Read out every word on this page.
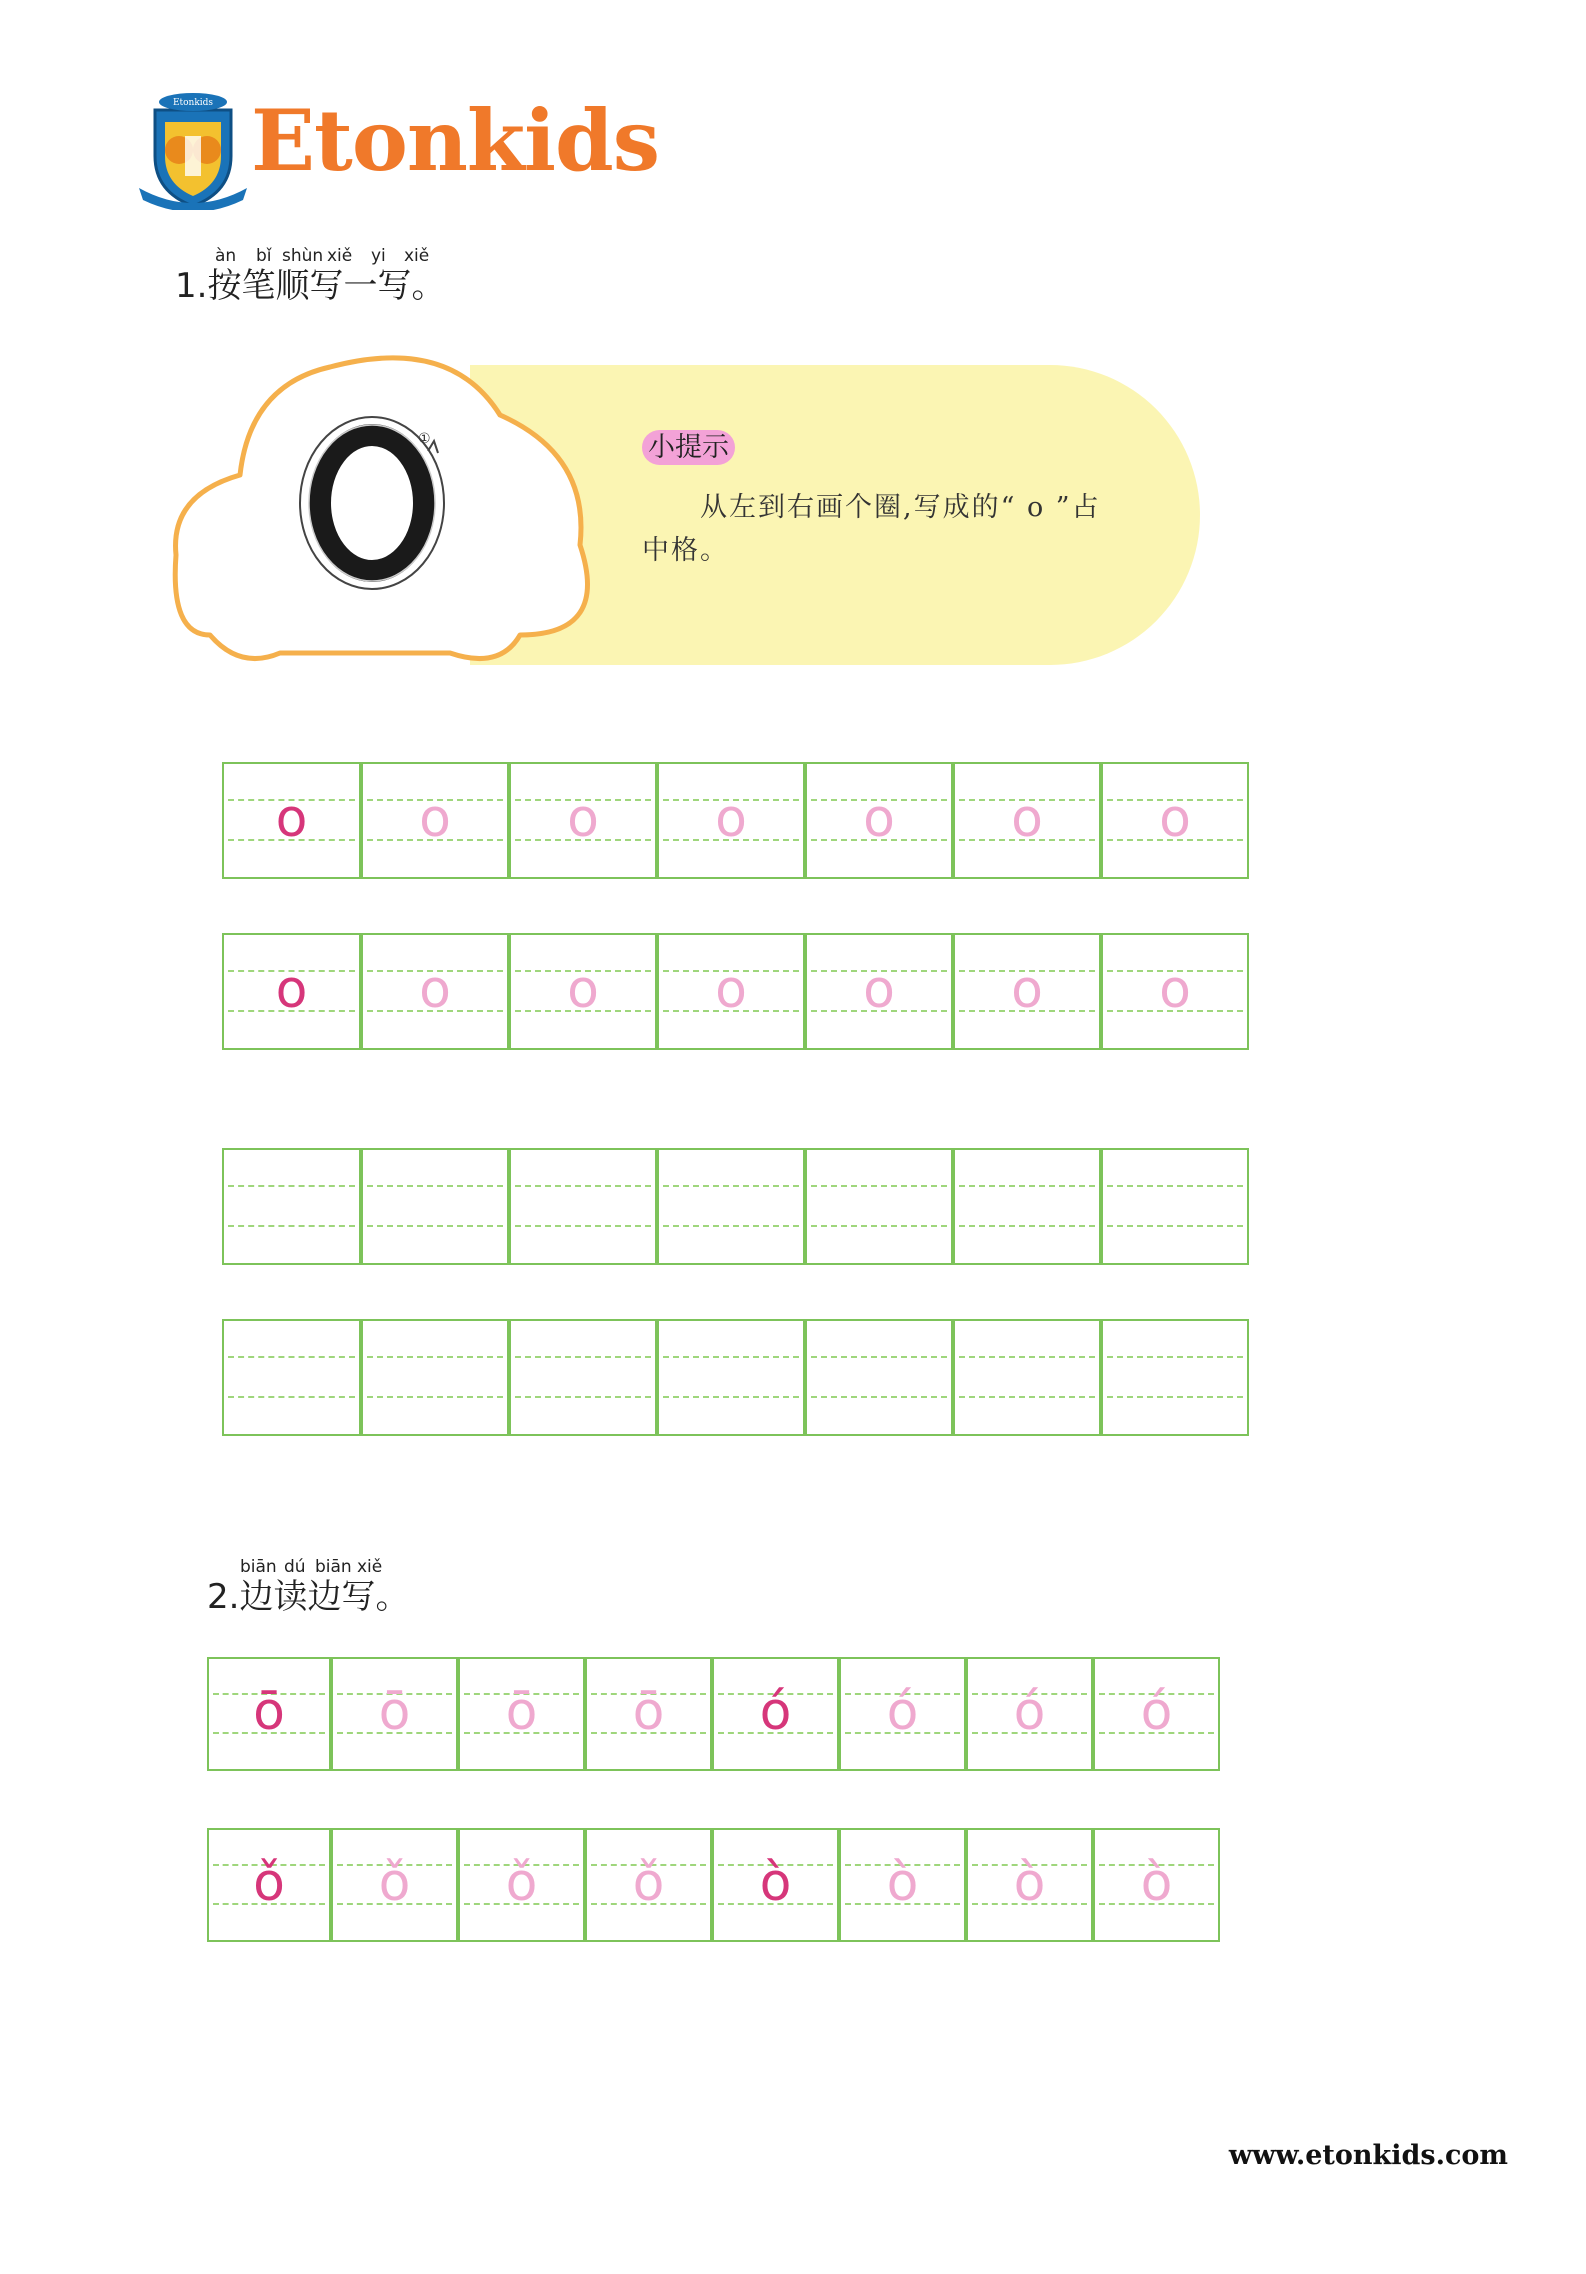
Etonkids Etonkids
àn bǐ shùn xiě yi xiě
1.按笔顺写一写。
①	小提示
从左到右画个圈,写成的“ o ”占
中格。
o	o	o	o	o	o	o
o	o	o	o	o	o	o
ō	ō	ō	ō	ó	ó	ó	ó
ǒ	ǒ	ǒ	ǒ	ò	ò	ò	ò
biān dú biān xiě
2.边读边写。
www.etonkids.com
